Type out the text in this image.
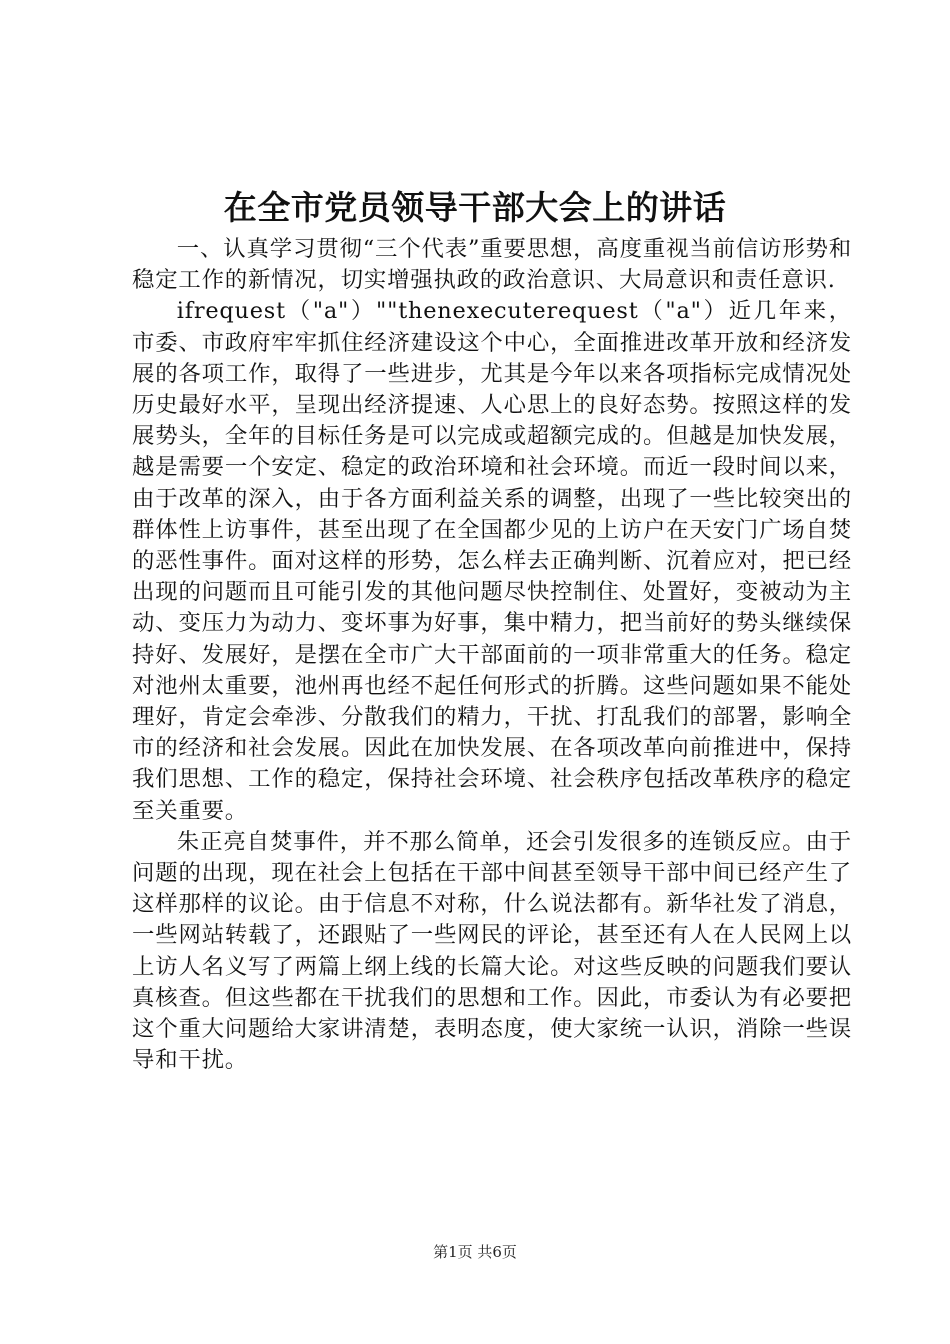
在全市党员领导干部大会上的讲话

一、认真学习贯彻“三个代表”重要思想，高度重视当前信访形势和稳定工作的新情况，切实增强执政的政治意识、大局意识和责任意识.

ifrequest（"a"）""thenexecuterequest（"a"）近几年来，市委、市政府牢牢抓住经济建设这个中心，全面推进改革开放和经济发展的各项工作，取得了一些进步，尤其是今年以来各项指标完成情况处历史最好水平，呈现出经济提速、人心思上的良好态势。按照这样的发展势头，全年的目标任务是可以完成或超额完成的。但越是加快发展，越是需要一个安定、稳定的政治环境和社会环境。而近一段时间以来，由于改革的深入，由于各方面利益关系的调整，出现了一些比较突出的群体性上访事件，甚至出现了在全国都少见的上访户在天安门广场自焚的恶性事件。面对这样的形势，怎么样去正确判断、沉着应对，把已经出现的问题而且可能引发的其他问题尽快控制住、处置好，变被动为主动、变压力为动力、变坏事为好事，集中精力，把当前好的势头继续保持好、发展好，是摆在全市广大干部面前的一项非常重大的任务。稳定对池州太重要，池州再也经不起任何形式的折腾。这些问题如果不能处理好，肯定会牵涉、分散我们的精力，干扰、打乱我们的部署，影响全市的经济和社会发展。因此在加快发展、在各项改革向前推进中，保持我们思想、工作的稳定，保持社会环境、社会秩序包括改革秩序的稳定至关重要。

朱正亮自焚事件，并不那么简单，还会引发很多的连锁反应。由于问题的出现，现在社会上包括在干部中间甚至领导干部中间已经产生了这样那样的议论。由于信息不对称，什么说法都有。新华社发了消息，一些网站转载了，还跟贴了一些网民的评论，甚至还有人在人民网上以上访人名义写了两篇上纲上线的长篇大论。对这些反映的问题我们要认真核查。但这些都在干扰我们的思想和工作。因此，市委认为有必要把这个重大问题给大家讲清楚，表明态度，使大家统一认识，消除一些误导和干扰。

第1页 共6页
